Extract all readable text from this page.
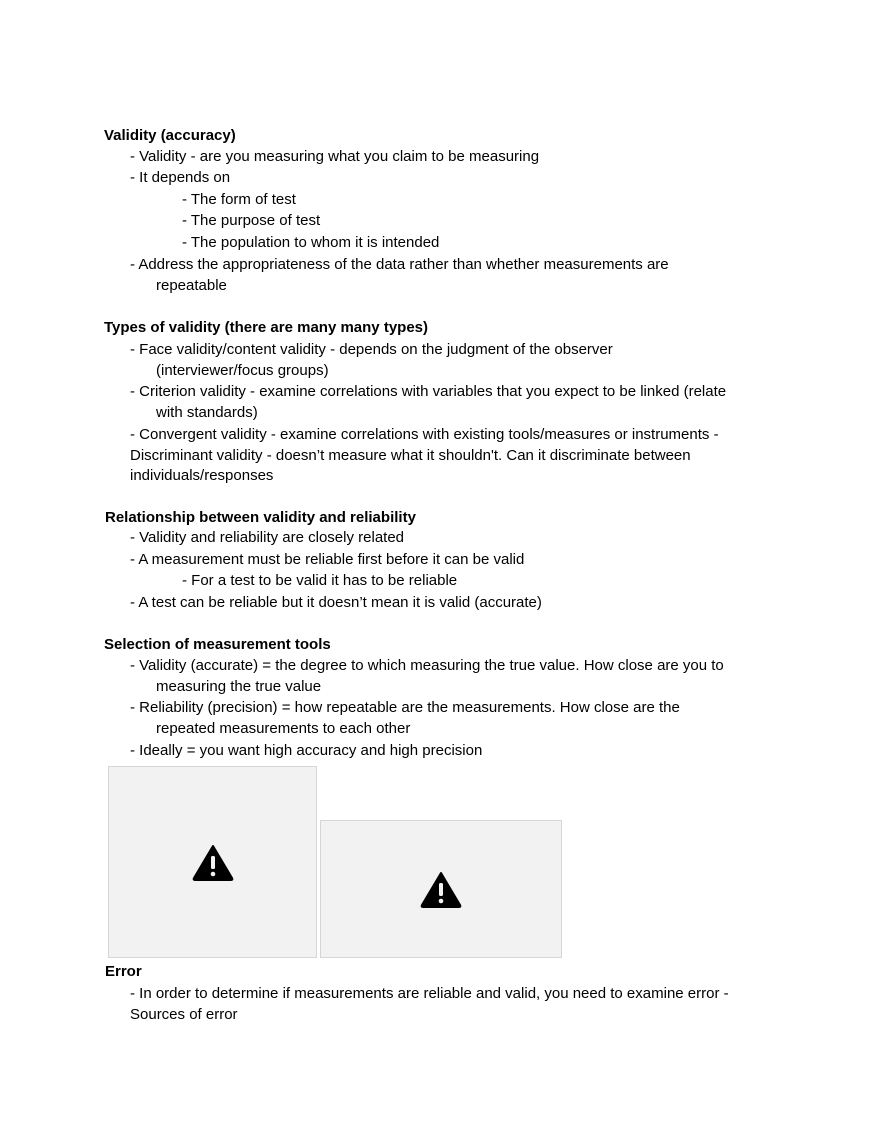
Validity (accuracy)
- Validity - are you measuring what you claim to be measuring
- It depends on
- The form of test
- The purpose of test
- The population to whom it is intended
- Address the appropriateness of the data rather than whether measurements are
repeatable
Types of validity (there are many many types)
- Face validity/content validity - depends on the judgment of the observer
(interviewer/focus groups)
- Criterion validity - examine correlations with variables that you expect to be linked (relate
with standards)
- Convergent validity - examine correlations with existing tools/measures or instruments -
Discriminant validity - doesn’t measure what it shouldn't. Can it discriminate between
individuals/responses
Relationship between validity and reliability
- Validity and reliability are closely related
- A measurement must be reliable first before it can be valid
- For a test to be valid it has to be reliable
- A test can be reliable but it doesn’t mean it is valid (accurate)
Selection of measurement tools
- Validity (accurate) = the degree to which measuring the true value. How close are you to
measuring the true value
- Reliability (precision) = how repeatable are the measurements. How close are the
repeated measurements to each other
- Ideally = you want high accuracy and high precision
Error
- In order to determine if measurements are reliable and valid, you need to examine error -
Sources of error
